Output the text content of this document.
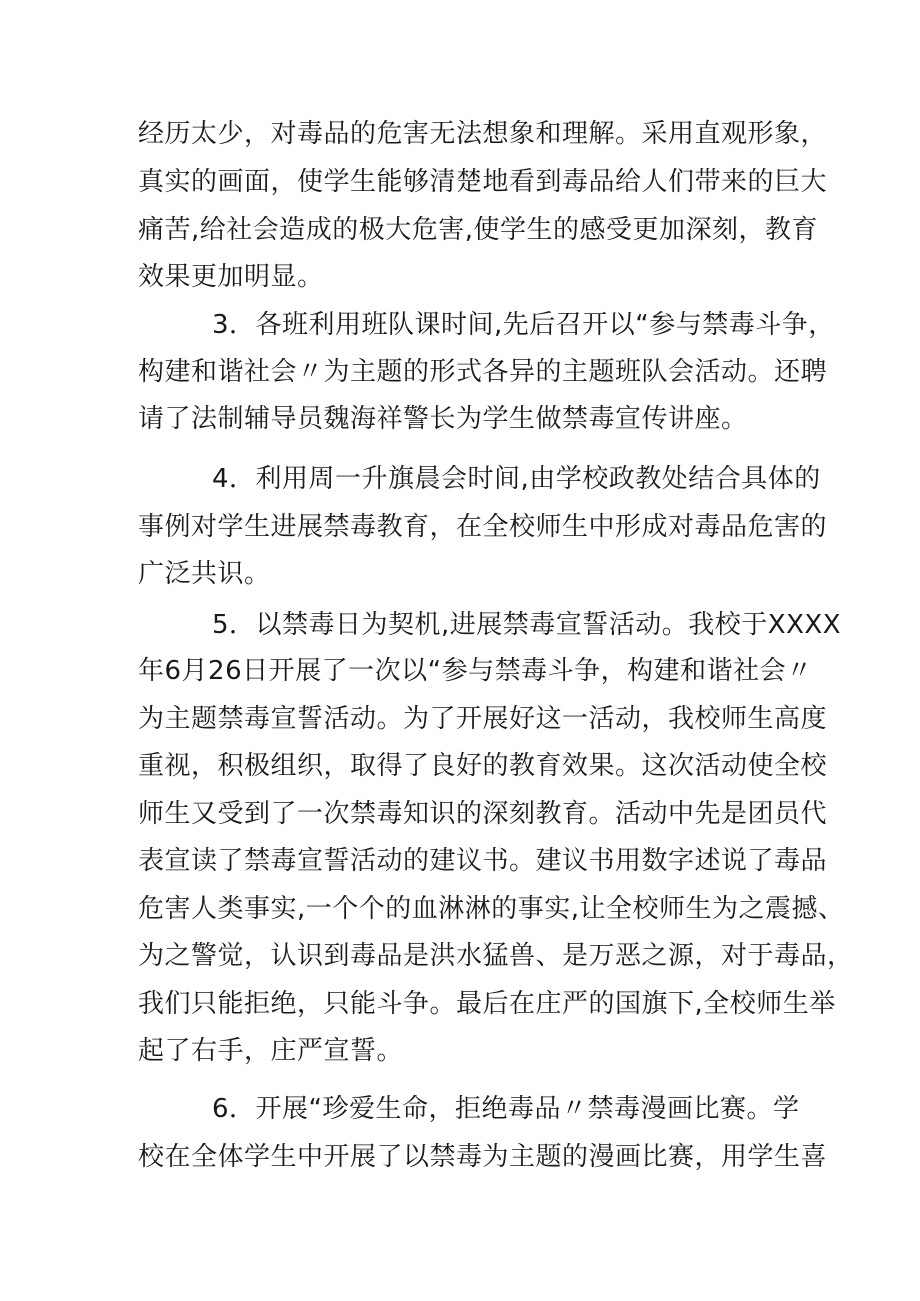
经历太少，对毒品的危害无法想象和理解。采用直观形象，
真实的画面，使学生能够清楚地看到毒品给人们带来的巨大
痛苦,给社会造成的极大危害,使学生的感受更加深刻，教育
效果更加明显。
3．各班利用班队课时间,先后召开以“参与禁毒斗争，
构建和谐社会〃为主题的形式各异的主题班队会活动。还聘
请了法制辅导员魏海祥警长为学生做禁毒宣传讲座。
4．利用周一升旗晨会时间,由学校政教处结合具体的
事例对学生进展禁毒教育，在全校师生中形成对毒品危害的
广泛共识。
5．以禁毒日为契机,进展禁毒宣誓活动。我校于XXXX
年6月26日开展了一次以“参与禁毒斗争，构建和谐社会〃
为主题禁毒宣誓活动。为了开展好这一活动，我校师生高度
重视，积极组织，取得了良好的教育效果。这次活动使全校
师生又受到了一次禁毒知识的深刻教育。活动中先是团员代
表宣读了禁毒宣誓活动的建议书。建议书用数字述说了毒品
危害人类事实,一个个的血淋淋的事实,让全校师生为之震撼、
为之警觉，认识到毒品是洪水猛兽、是万恶之源，对于毒品，
我们只能拒绝，只能斗争。最后在庄严的国旗下,全校师生举
起了右手，庄严宣誓。
6．开展“珍爱生命，拒绝毒品〃禁毒漫画比赛。学
校在全体学生中开展了以禁毒为主题的漫画比赛，用学生喜
